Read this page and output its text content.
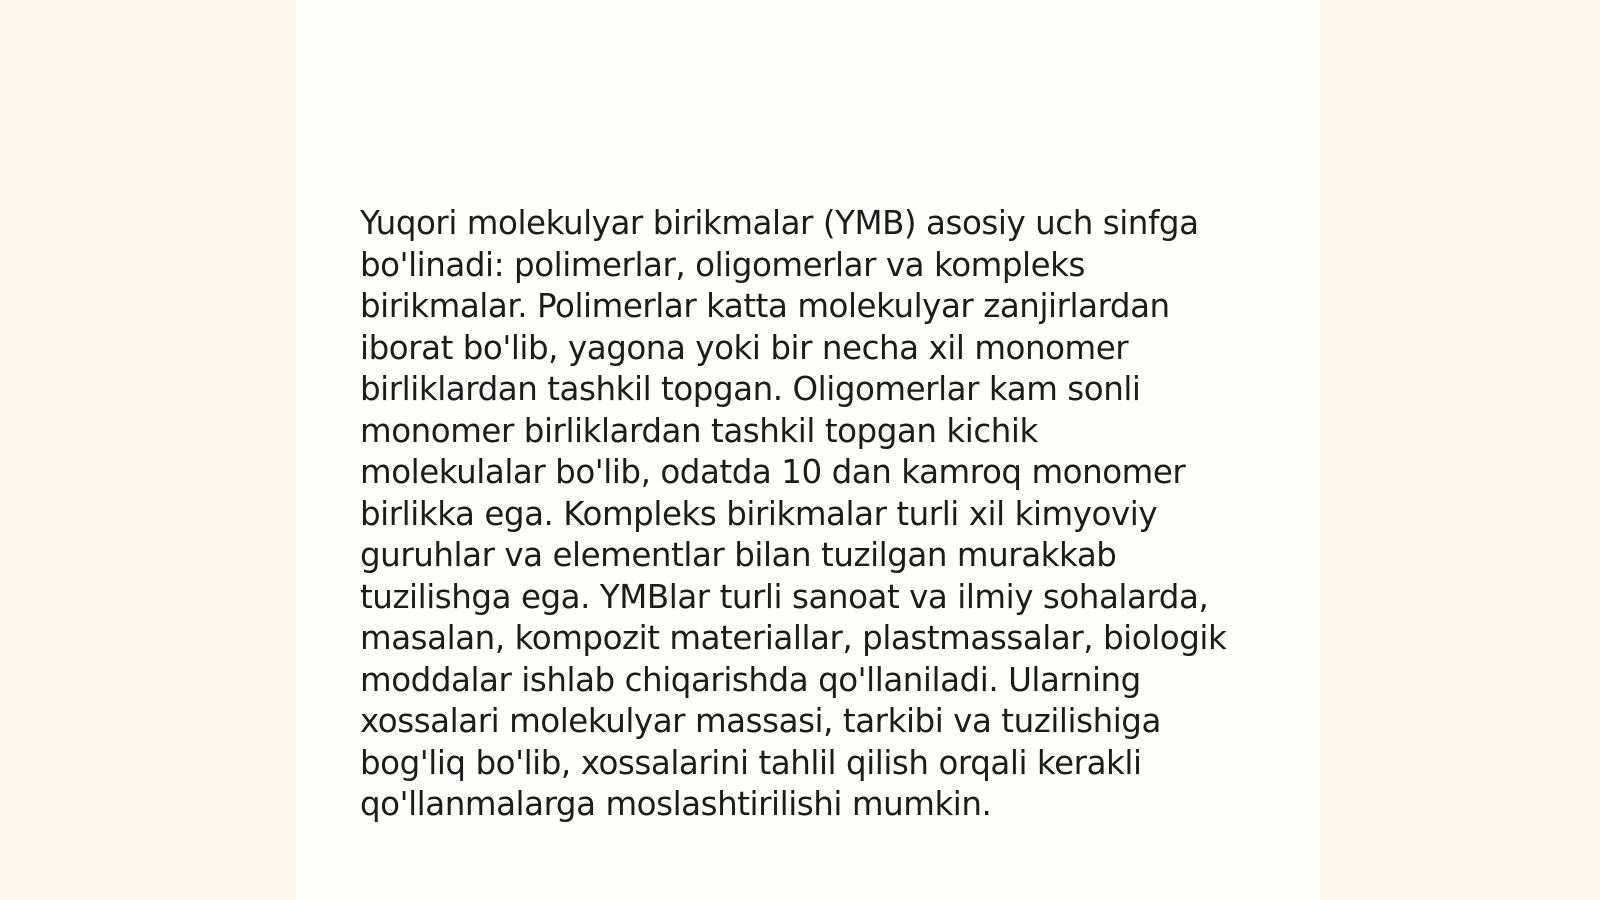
Yuqori molekulyar birikmalar (YMB) asosiy uch sinfga
bo'linadi: polimerlar, oligomerlar va kompleks
birikmalar. Polimerlar katta molekulyar zanjirlardan
iborat bo'lib, yagona yoki bir necha xil monomer
birliklardan tashkil topgan. Oligomerlar kam sonli
monomer birliklardan tashkil topgan kichik
molekulalar bo'lib, odatda 10 dan kamroq monomer
birlikka ega. Kompleks birikmalar turli xil kimyoviy
guruhlar va elementlar bilan tuzilgan murakkab
tuzilishga ega. YMBlar turli sanoat va ilmiy sohalarda,
masalan, kompozit materiallar, plastmassalar, biologik
moddalar ishlab chiqarishda qo'llaniladi. Ularning
xossalari molekulyar massasi, tarkibi va tuzilishiga
bog'liq bo'lib, xossalarini tahlil qilish orqali kerakli
qo'llanmalarga moslashtirilishi mumkin.
